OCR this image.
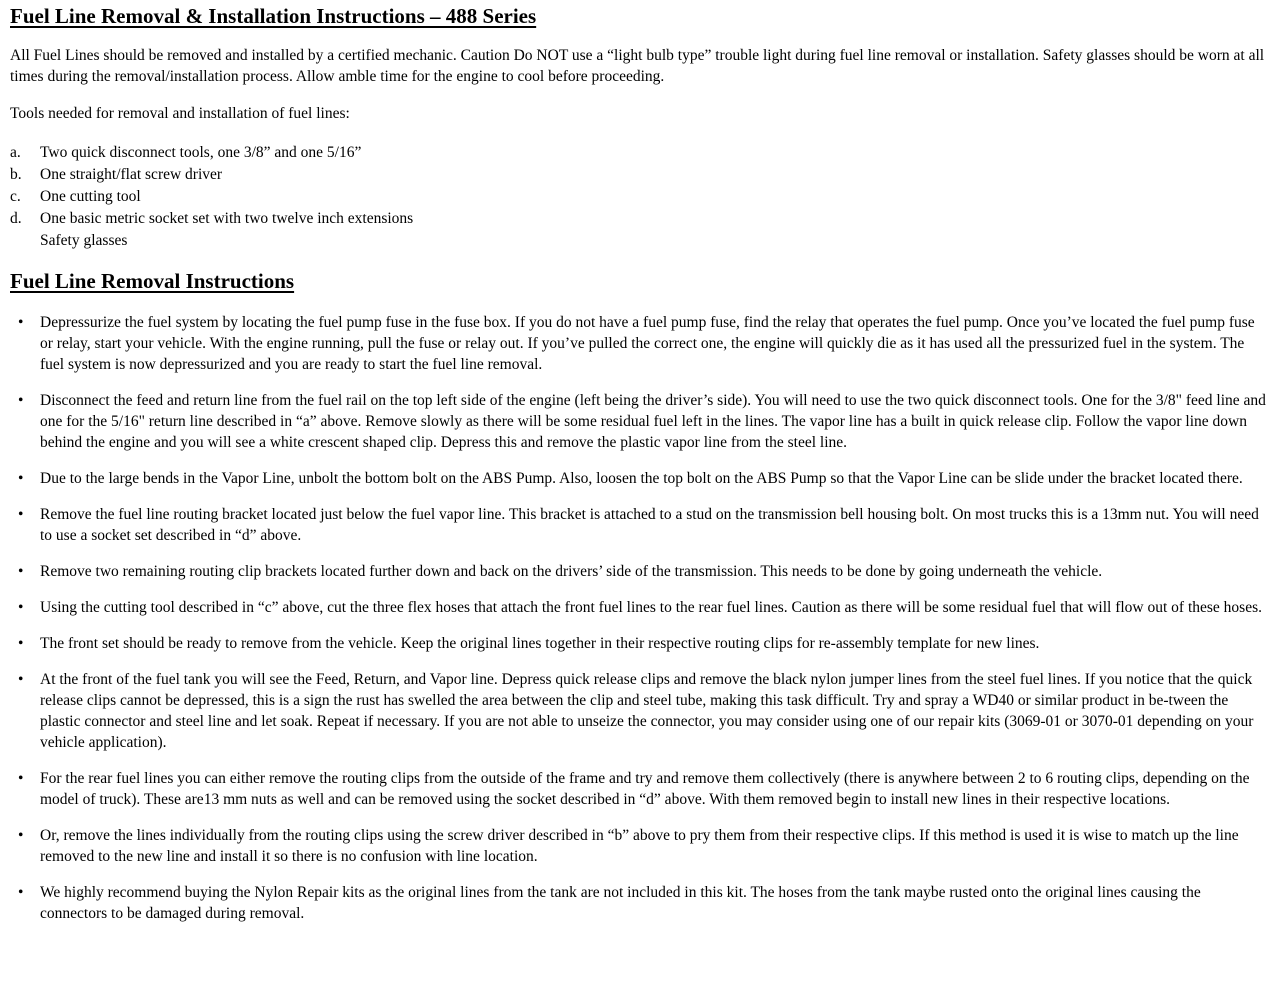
Fuel Line Removal & Installation Instructions – 488 Series

All Fuel Lines should be removed and installed by a certified mechanic. Caution Do NOT use a “light bulb type” trouble light during fuel line removal or installation. Safety glasses should be worn at all times during the removal/installation process. Allow amble time for the engine to cool before proceeding.

Tools needed for removal and installation of fuel lines:

a.	Two quick disconnect tools, one 3/8” and one 5/16”
b.	One straight/flat screw driver
c.	One cutting tool
d.	One basic metric socket set with two twelve inch extensions

Safety glasses

Fuel Line Removal Instructions
• Depressurize the fuel system by locating the fuel pump fuse in the fuse box. If you do not have a fuel pump fuse, find the relay that operates the fuel pump. Once you’ve located the fuel pump fuse or relay, start your vehicle. With the engine running, pull the fuse or relay out. If you’ve pulled the correct one, the engine will quickly die as it has used all the pressurized fuel in the system. The fuel system is now depressurized and you are ready to start the fuel line removal.
• Disconnect the feed and return line from the fuel rail on the top left side of the engine (left being the driver’s side). You will need to use the two quick disconnect tools. One for the 3/8" feed line and one for the 5/16" return line described in “a” above. Remove slowly as there will be some residual fuel left in the lines. The vapor line has a built in quick release clip. Follow the vapor line down behind the engine and you will see a white crescent shaped clip. Depress this and remove the plastic vapor line from the steel line.
• Due to the large bends in the Vapor Line, unbolt the bottom bolt on the ABS Pump. Also, loosen the top bolt on the ABS Pump so that the Vapor Line can be slide under the bracket located there.
• Remove the fuel line routing bracket located just below the fuel vapor line. This bracket is attached to a stud on the transmission bell housing bolt. On most trucks this is a 13mm nut. You will need to use a socket set described in “d” above.
• Remove two remaining routing clip brackets located further down and back on the drivers’ side of the transmission. This needs to be done by going underneath the vehicle.
• Using the cutting tool described in “c” above, cut the three flex hoses that attach the front fuel lines to the rear fuel lines. Caution as there will be some residual fuel that will flow out of these hoses.
• The front set should be ready to remove from the vehicle. Keep the original lines together in their respective routing clips for re-assembly template for new lines.
• At the front of the fuel tank you will see the Feed, Return, and Vapor line. Depress quick release clips and remove the black nylon jumper lines from the steel fuel lines. If you notice that the quick release clips cannot be depressed, this is a sign the rust has swelled the area between the clip and steel tube, making this task difficult. Try and spray a WD40 or similar product in be-tween the plastic connector and steel line and let soak. Repeat if necessary. If you are not able to unseize the connector, you may consider using one of our repair kits (3069-01 or 3070-01 depending on your vehicle application).
• For the rear fuel lines you can either remove the routing clips from the outside of the frame and try and remove them collectively (there is anywhere between 2 to 6 routing clips, depending on the model of truck). These are13 mm nuts as well and can be removed using the socket described in “d” above. With them removed begin to install new lines in their respective locations.
• Or, remove the lines individually from the routing clips using the screw driver described in “b” above to pry them from their respective clips. If this method is used it is wise to match up the line removed to the new line and install it so there is no confusion with line location.
• We highly recommend buying the Nylon Repair kits as the original lines from the tank are not included in this kit. The hoses from the tank maybe rusted onto the original lines causing the connectors to be damaged during removal.
